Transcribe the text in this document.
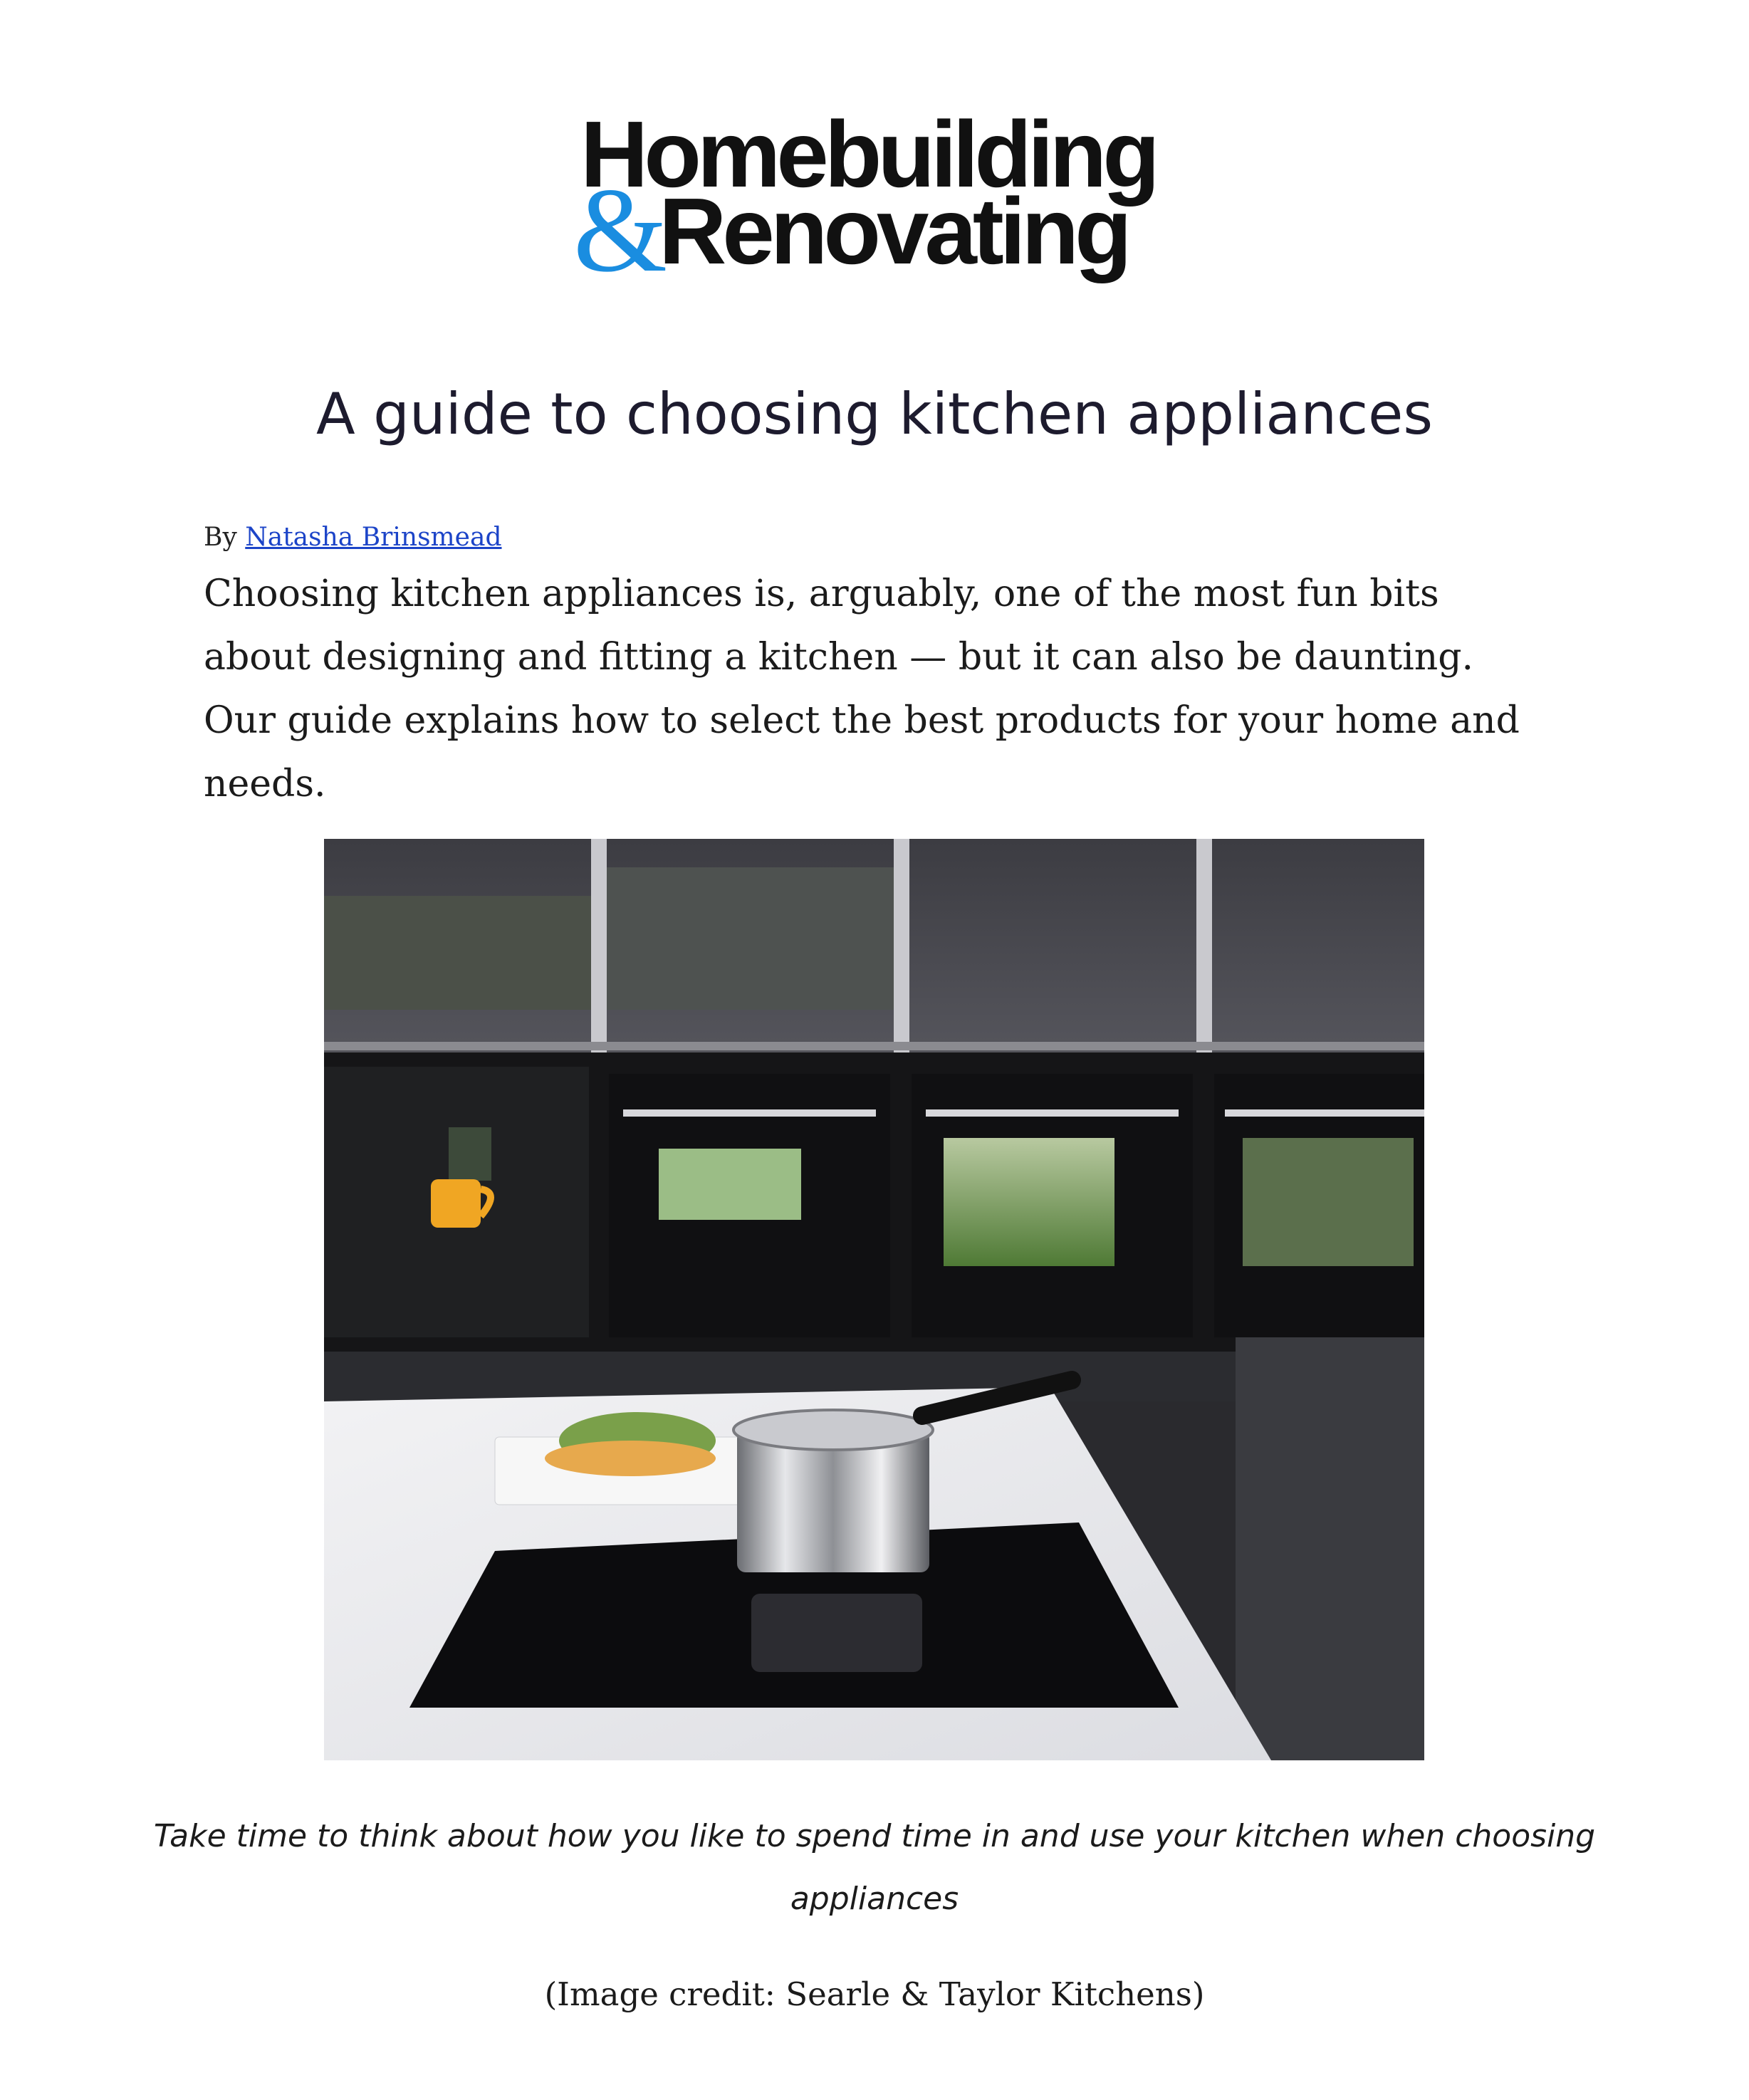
Homebuilding
&
Renovating
A guide to choosing kitchen appliances
By Natasha Brinsmead

Choosing kitchen appliances is, arguably, one of the most fun bits about designing and fitting a kitchen — but it can also be daunting. Our guide explains how to select the best products for your home and needs.

Take time to think about how you like to spend time in and use your kitchen when choosing appliances

(Image credit: Searle & Taylor Kitchens)
